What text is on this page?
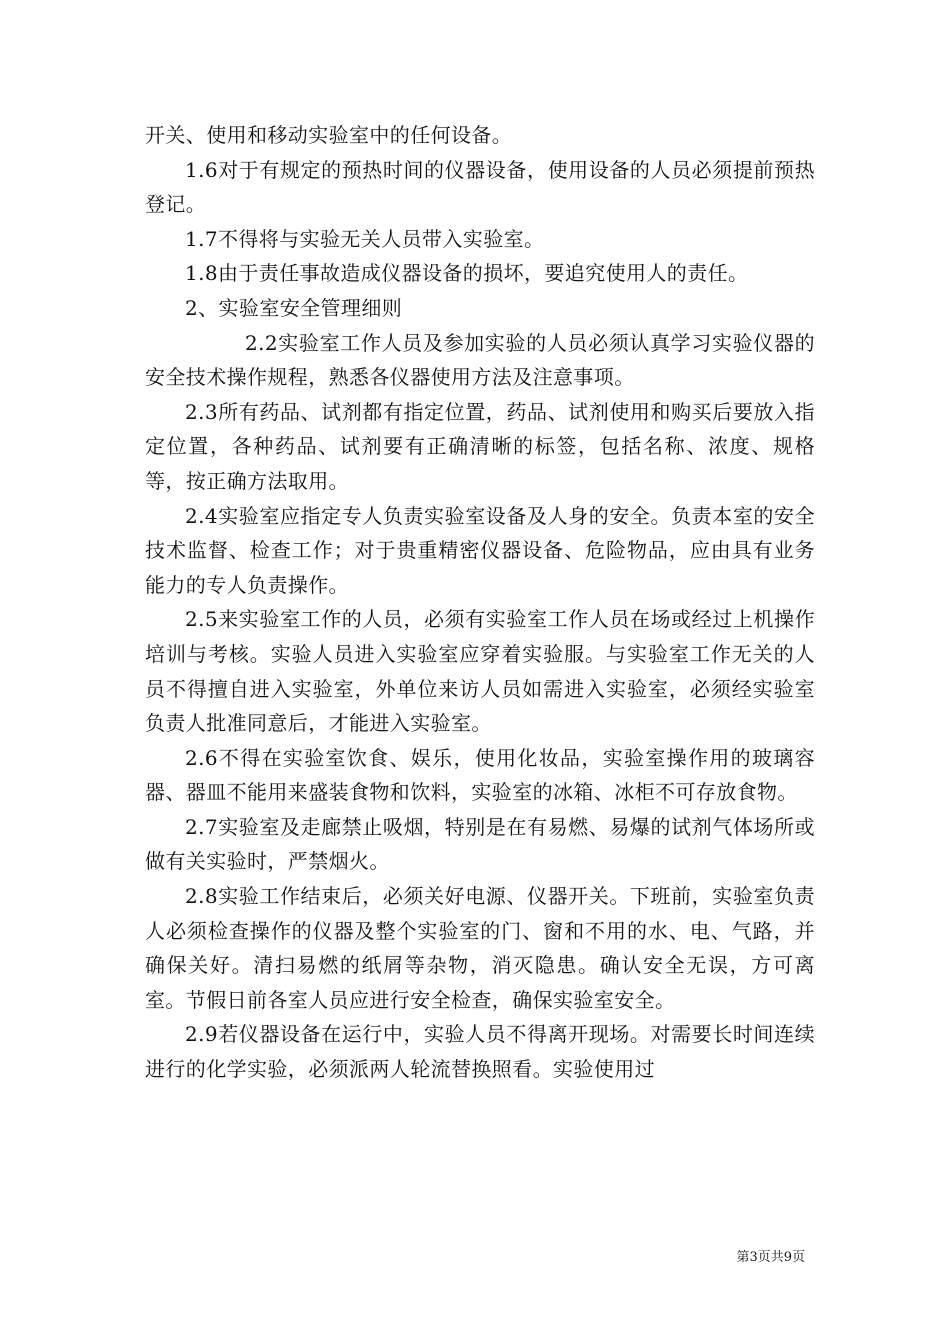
开关、使用和移动实验室中的任何设备。

1.6对于有规定的预热时间的仪器设备，使用设备的人员必须提前预热登记。

1.7不得将与实验无关人员带入实验室。

1.8由于责任事故造成仪器设备的损坏，要追究使用人的责任。

2、实验室安全管理细则

2.2实验室工作人员及参加实验的人员必须认真学习实验仪器的安全技术操作规程，熟悉各仪器使用方法及注意事项。

2.3所有药品、试剂都有指定位置，药品、试剂使用和购买后要放入指定位置，各种药品、试剂要有正确清晰的标签，包括名称、浓度、规格等，按正确方法取用。

2.4实验室应指定专人负责实验室设备及人身的安全。负责本室的安全技术监督、检查工作；对于贵重精密仪器设备、危险物品，应由具有业务能力的专人负责操作。

2.5来实验室工作的人员，必须有实验室工作人员在场或经过上机操作培训与考核。实验人员进入实验室应穿着实验服。与实验室工作无关的人员不得擅自进入实验室，外单位来访人员如需进入实验室，必须经实验室负责人批准同意后，才能进入实验室。

2.6不得在实验室饮食、娱乐，使用化妆品，实验室操作用的玻璃容器、器皿不能用来盛装食物和饮料，实验室的冰箱、冰柜不可存放食物。

2.7实验室及走廊禁止吸烟，特别是在有易燃、易爆的试剂气体场所或做有关实验时，严禁烟火。

2.8实验工作结束后，必须关好电源、仪器开关。下班前，实验室负责人必须检查操作的仪器及整个实验室的门、窗和不用的水、电、气路，并确保关好。清扫易燃的纸屑等杂物，消灭隐患。确认安全无误，方可离室。节假日前各室人员应进行安全检查，确保实验室安全。

2.9若仪器设备在运行中，实验人员不得离开现场。对需要长时间连续进行的化学实验，必须派两人轮流替换照看。实验使用过

第3页共9页
